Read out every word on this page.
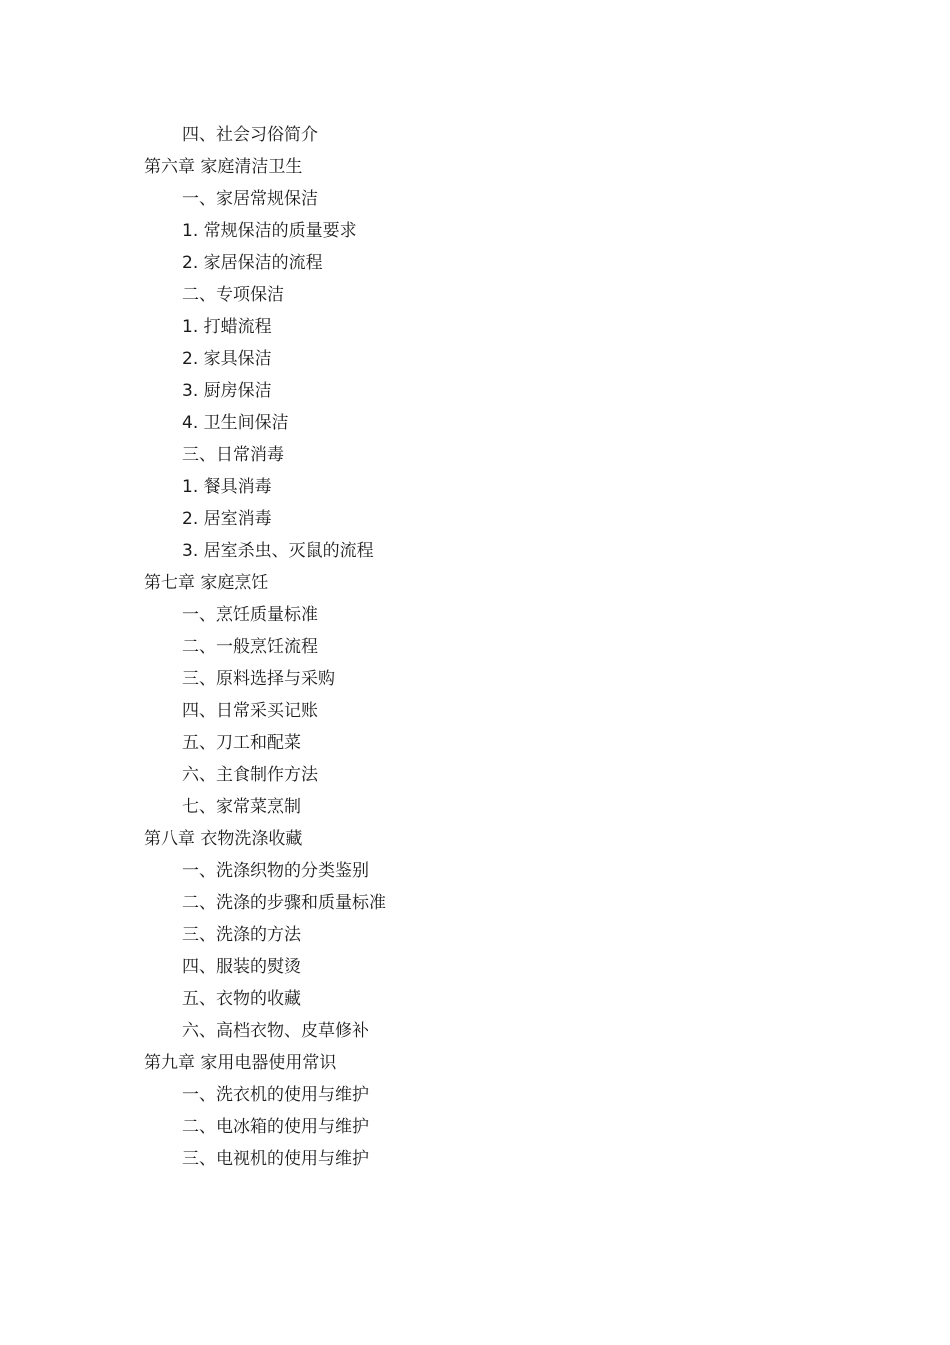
四、社会习俗简介
第六章 家庭清洁卫生
一、家居常规保洁
1. 常规保洁的质量要求
2. 家居保洁的流程
二、专项保洁
1. 打蜡流程
2. 家具保洁
3. 厨房保洁
4. 卫生间保洁
三、日常消毒
1. 餐具消毒
2. 居室消毒
3. 居室杀虫、灭鼠的流程
第七章 家庭烹饪
一、烹饪质量标准
二、一般烹饪流程
三、原料选择与采购
四、日常采买记账
五、刀工和配菜
六、主食制作方法
七、家常菜烹制
第八章 衣物洗涤收藏
一、洗涤织物的分类鉴别
二、洗涤的步骤和质量标准
三、洗涤的方法
四、服装的熨烫
五、衣物的收藏
六、高档衣物、皮草修补
第九章 家用电器使用常识
一、洗衣机的使用与维护
二、电冰箱的使用与维护
三、电视机的使用与维护
